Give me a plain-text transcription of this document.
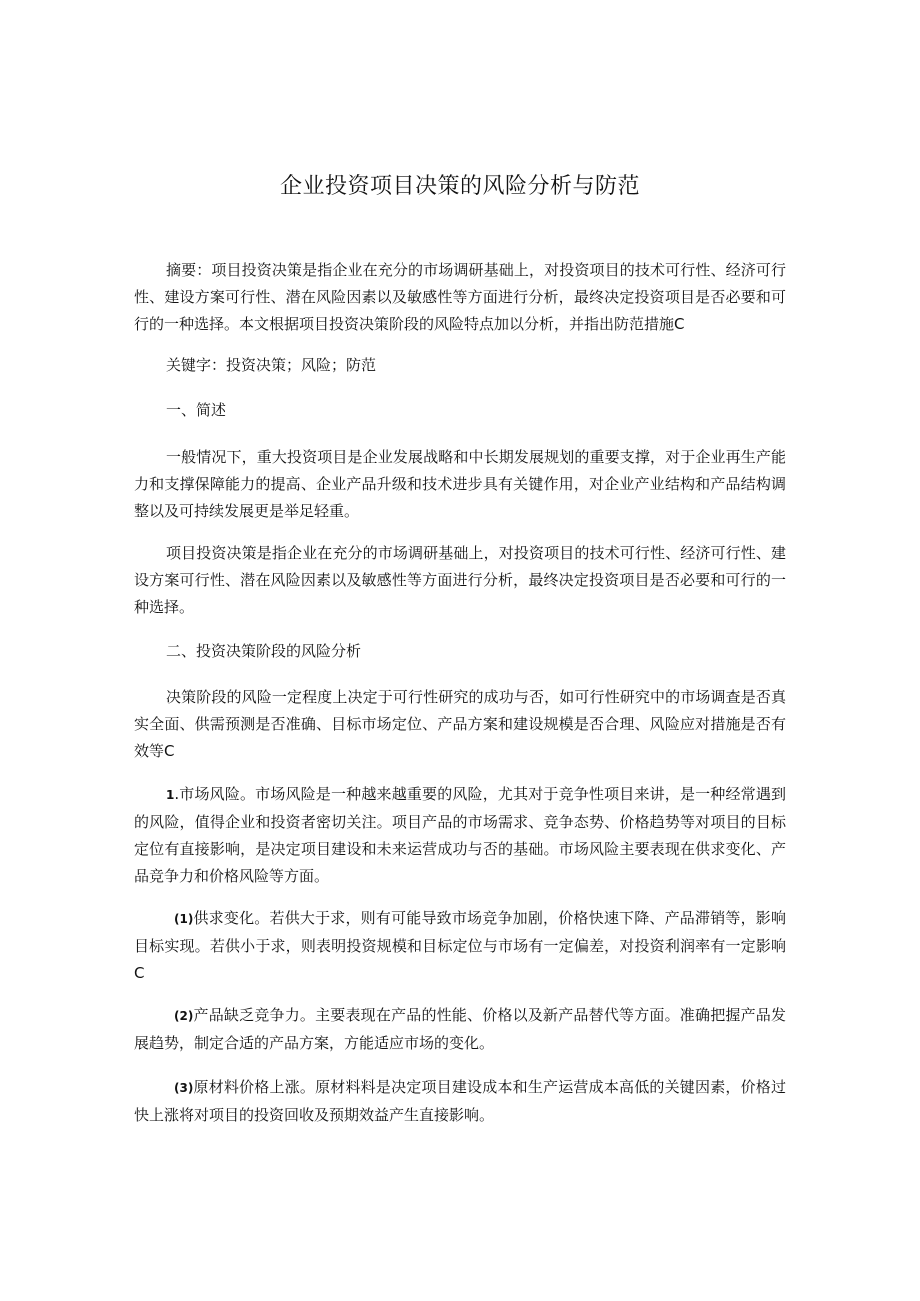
企业投资项目决策的风险分析与防范

摘要：项目投资决策是指企业在充分的市场调研基础上，对投资项目的技术可行性、经济可行性、建设方案可行性、潜在风险因素以及敏感性等方面进行分析，最终决定投资项目是否必要和可行的一种选择。本文根据项目投资决策阶段的风险特点加以分析，并指出防范措施C

关键字：投资决策；风险；防范

一、简述

一般情况下，重大投资项目是企业发展战略和中长期发展规划的重要支撑，对于企业再生产能力和支撑保障能力的提高、企业产品升级和技术进步具有关键作用，对企业产业结构和产品结构调整以及可持续发展更是举足轻重。

项目投资决策是指企业在充分的市场调研基础上，对投资项目的技术可行性、经济可行性、建设方案可行性、潜在风险因素以及敏感性等方面进行分析，最终决定投资项目是否必要和可行的一种选择。

二、投资决策阶段的风险分析

决策阶段的风险一定程度上决定于可行性研究的成功与否，如可行性研究中的市场调查是否真实全面、供需预测是否准确、目标市场定位、产品方案和建设规模是否合理、风险应对措施是否有效等C

1.市场风险。市场风险是一种越来越重要的风险，尤其对于竞争性项目来讲，是一种经常遇到的风险，值得企业和投资者密切关注。项目产品的市场需求、竞争态势、价格趋势等对项目的目标定位有直接影响，是决定项目建设和未来运营成功与否的基础。市场风险主要表现在供求变化、产品竞争力和价格风险等方面。

(1)供求变化。若供大于求，则有可能导致市场竞争加剧，价格快速下降、产品滞销等，影响目标实现。若供小于求，则表明投资规模和目标定位与市场有一定偏差，对投资利润率有一定影响C

(2)产品缺乏竞争力。主要表现在产品的性能、价格以及新产品替代等方面。准确把握产品发展趋势，制定合适的产品方案，方能适应市场的变化。

(3)原材料价格上涨。原材料料是决定项目建设成本和生产运营成本高低的关键因素，价格过快上涨将对项目的投资回收及预期效益产生直接影响。
